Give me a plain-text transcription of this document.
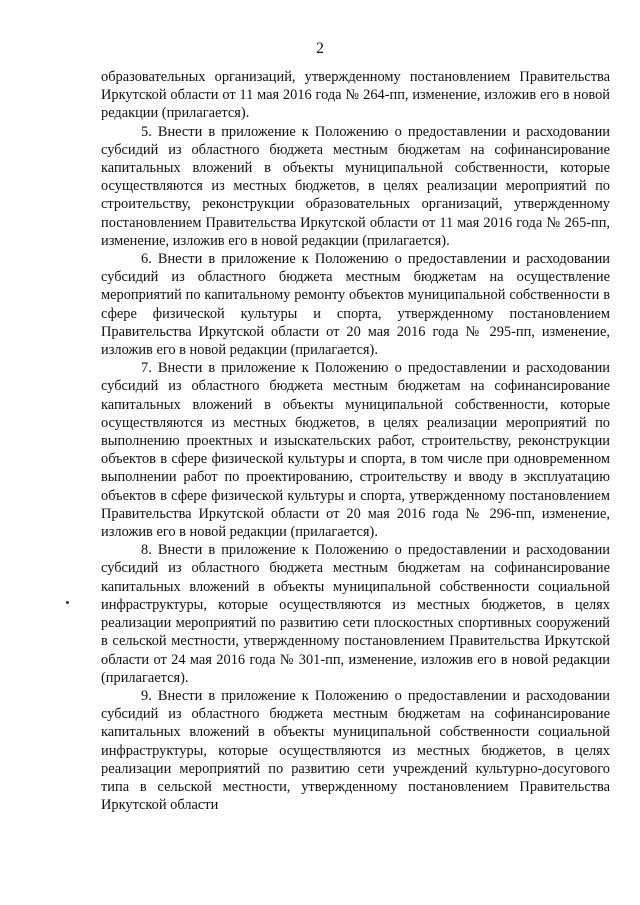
2

образовательных организаций, утвержденному постановлением Правительства Иркутской области от 11 мая 2016 года № 264-пп, изменение, изложив его в новой редакции (прилагается).

5. Внести в приложение к Положению о предоставлении и расходовании субсидий из областного бюджета местным бюджетам на софинансирование капитальных вложений в объекты муниципальной собственности, которые осуществляются из местных бюджетов, в целях реализации мероприятий по строительству, реконструкции образовательных организаций, утвержденному постановлением Правительства Иркутской области от 11 мая 2016 года № 265-пп, изменение, изложив его в новой редакции (прилагается).

6. Внести в приложение к Положению о предоставлении и расходовании субсидий из областного бюджета местным бюджетам на осуществление мероприятий по капитальному ремонту объектов муниципальной собственности в сфере физической культуры и спорта, утвержденному постановлением Правительства Иркутской области от 20 мая 2016 года № 295-пп, изменение, изложив его в новой редакции (прилагается).

7. Внести в приложение к Положению о предоставлении и расходовании субсидий из областного бюджета местным бюджетам на софинансирование капитальных вложений в объекты муниципальной собственности, которые осуществляются из местных бюджетов, в целях реализации мероприятий по выполнению проектных и изыскательских работ, строительству, реконструкции объектов в сфере физической культуры и спорта, в том числе при одновременном выполнении работ по проектированию, строительству и вводу в эксплуатацию объектов в сфере физической культуры и спорта, утвержденному постановлением Правительства Иркутской области от 20 мая 2016 года № 296-пп, изменение, изложив его в новой редакции (прилагается).

8. Внести в приложение к Положению о предоставлении и расходовании субсидий из областного бюджета местным бюджетам на софинансирование капитальных вложений в объекты муниципальной собственности социальной инфраструктуры, которые осуществляются из местных бюджетов, в целях реализации мероприятий по развитию сети плоскостных спортивных сооружений в сельской местности, утвержденному постановлением Правительства Иркутской области от 24 мая 2016 года № 301-пп, изменение, изложив его в новой редакции (прилагается).

9. Внести в приложение к Положению о предоставлении и расходовании субсидий из областного бюджета местным бюджетам на софинансирование капитальных вложений в объекты муниципальной собственности социальной инфраструктуры, которые осуществляются из местных бюджетов, в целях реализации мероприятий по развитию сети учреждений культурно-досугового типа в сельской местности, утвержденному постановлением Правительства Иркутской области
